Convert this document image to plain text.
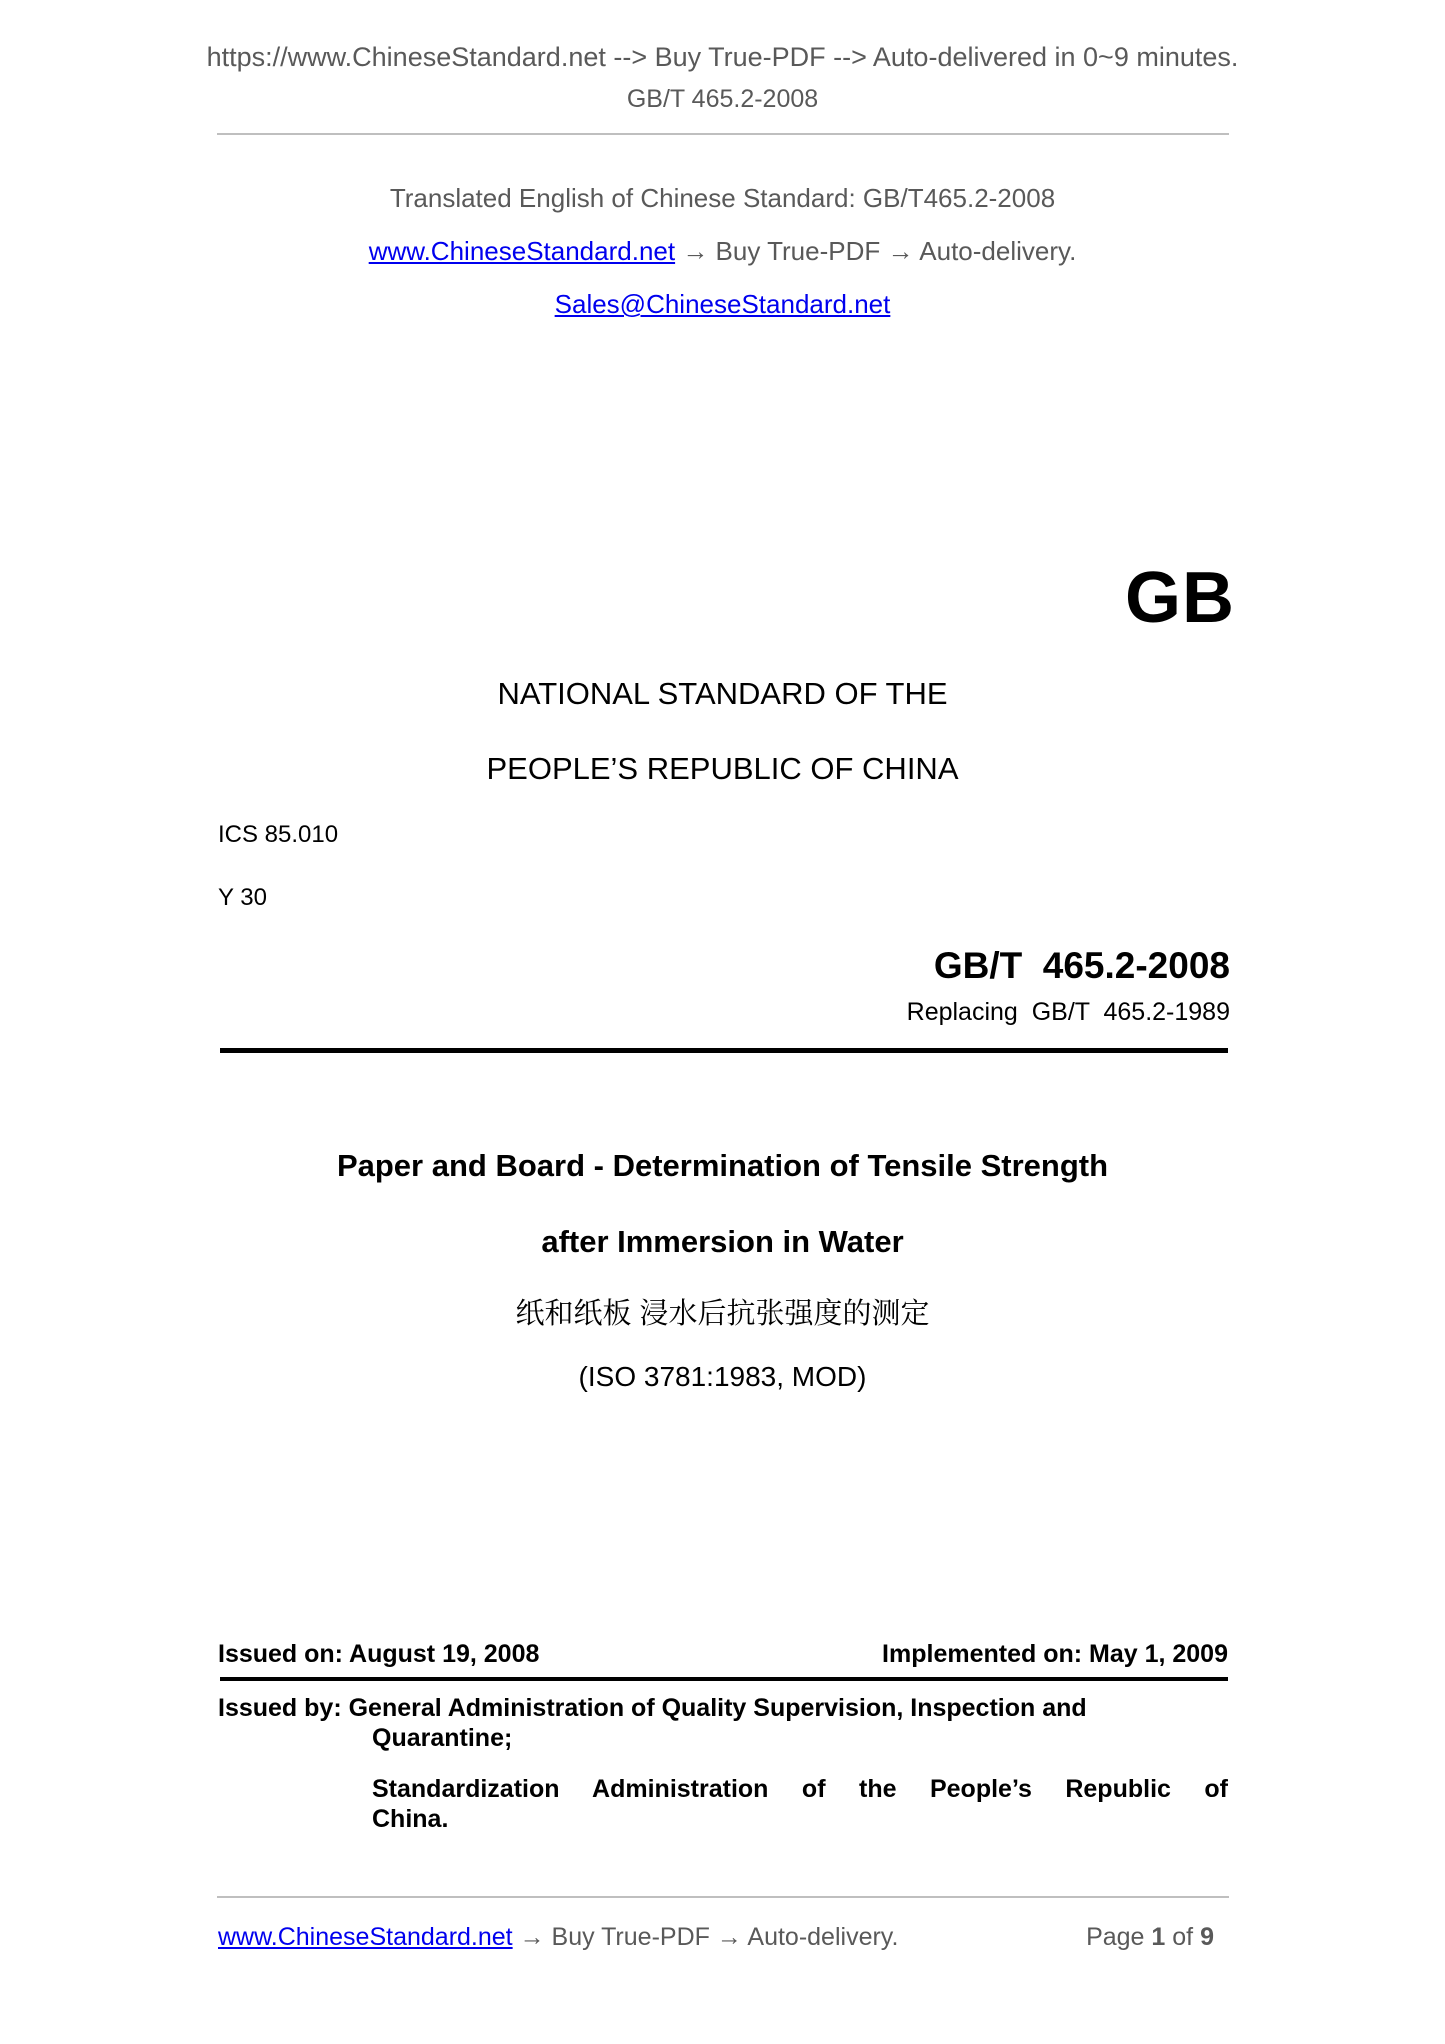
https://www.ChineseStandard.net --> Buy True-PDF --> Auto-delivered in 0~9 minutes.
GB/T 465.2-2008
Translated English of Chinese Standard: GB/T465.2-2008
www.ChineseStandard.net → Buy True-PDF → Auto-delivery.
Sales@ChineseStandard.net
GB
NATIONAL STANDARD OF THE
PEOPLE’S REPUBLIC OF CHINA
ICS 85.010
Y 30
GB/T  465.2-2008
Replacing  GB/T  465.2-1989
Paper and Board - Determination of Tensile Strength
after Immersion in Water
纸和纸板 浸水后抗张强度的测定
(ISO 3781:1983, MOD)
Issued on: August 19, 2008	Implemented on: May 1, 2009
Issued by: General Administration of Quality Supervision, Inspection and
Quarantine;
Standardization Administration of the People’s Republic of
China.
www.ChineseStandard.net → Buy True-PDF → Auto-delivery.	Page 1 of 9
